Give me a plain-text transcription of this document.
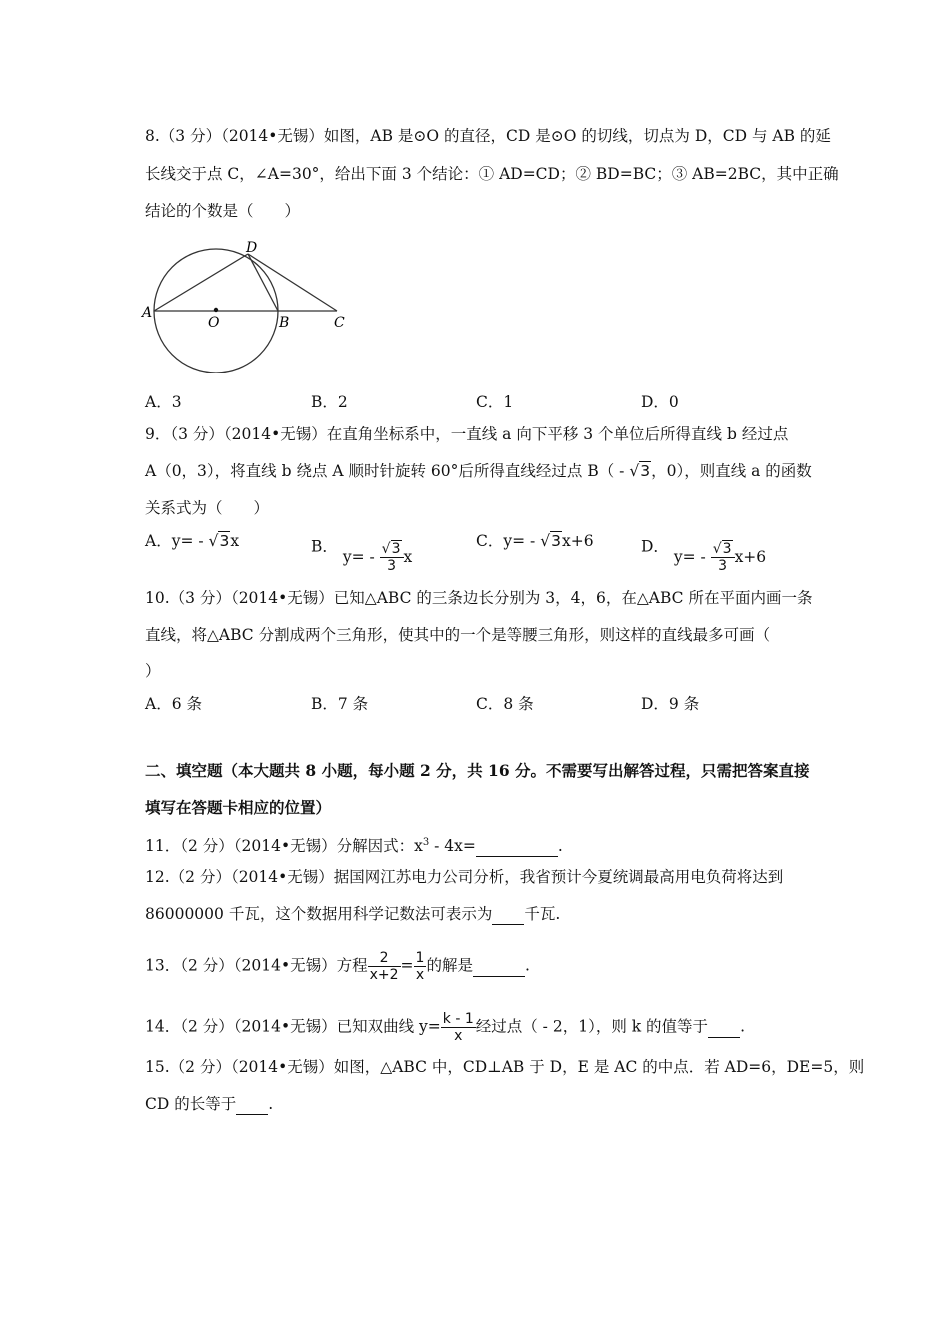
8.（3 分）（2014•无锡）如图，AB 是⊙O 的直径，CD 是⊙O 的切线，切点为 D，CD 与 AB 的延
长线交于点 C，∠A=30°，给出下面 3 个结论：① AD=CD；② BD=BC；③ AB=2BC，其中正确
结论的个数是（　　）
A
O	B	C
D
A．3	B．2	C．1	D．0
9．（3 分）（2014•无锡）在直角坐标系中，一直线 a 向下平移 3 个单位后所得直线 b 经过点
A（0，3），将直线 b 绕点 A 顺时针旋转 60°后所得直线经过点 B（ - √3，0），则直线 a 的函数
关系式为（　　）
A．y= - √3x	B． $y= - \frac{√3}{3}$ x
C．y= - √3x+6	D． $y= - \frac{√3}{3} x+6$
10.（3 分）（2014•无锡）已知△ABC 的三条边长分别为 3，4，6，在△ABC 所在平面内画一条
直线，将△ABC 分割成两个三角形，使其中的一个是等腰三角形，则这样的直线最多可画（
）
A．6 条	B．7 条	C．8 条	D．9 条
二、填空题（本大题共 8 小题，每小题 2 分，共 16 分。不需要写出解答过程，只需把答案直接
填写在答题卡相应的位置）
11．（2 分）（2014•无锡）分解因式：$x^3 - 4x=$	.
12.（2 分）（2014•无锡）据国网江苏电力公司分析，我省预计今夏统调最高用电负荷将达到
86000000 千瓦，这个数据用科学记数法可表示为 千瓦.
13．（2 分）（2014•无锡）方程 $\frac{2}{x+2} = \frac{1}{x}$ 的解是	.
14．（2 分）（2014•无锡）已知双曲线 $y= \frac{k - 1}{x}$ 经过点（ - 2，1），则 k 的值等于 .
15.（2 分）（2014•无锡）如图，△ABC 中，CD⊥AB 于 D，E 是 AC 的中点．若 AD=6，DE=5，则
CD 的长等于 .
